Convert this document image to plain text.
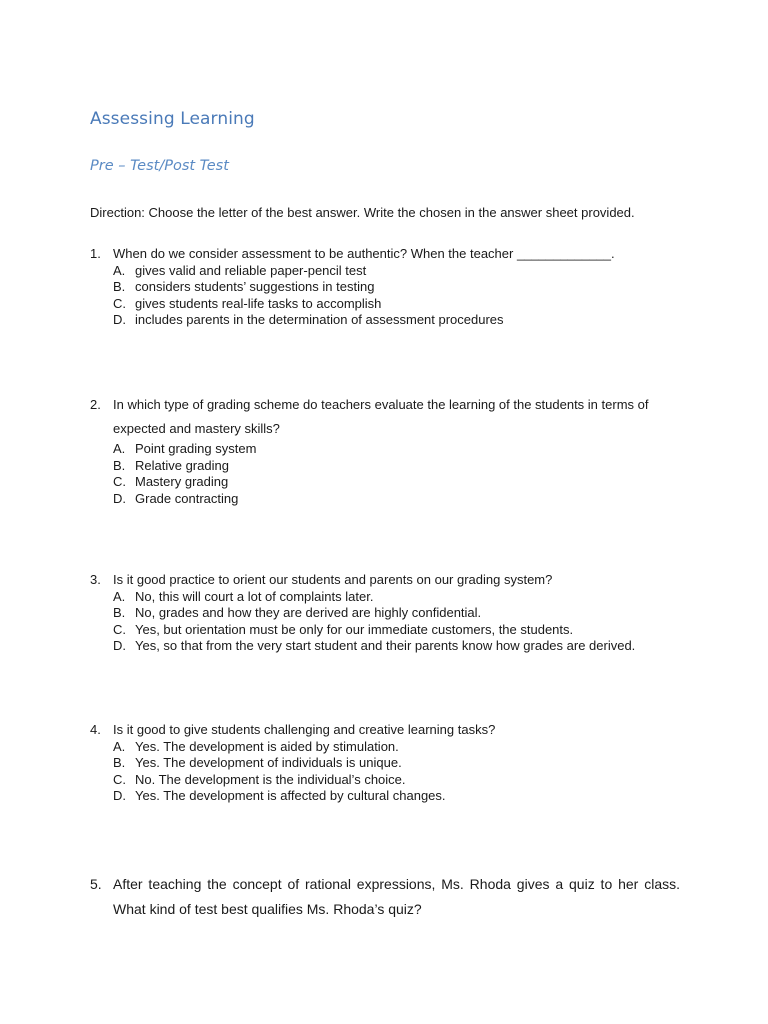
Assessing Learning
Pre – Test/Post Test
Direction: Choose the letter of the best answer. Write the chosen in the answer sheet provided.
1. When do we consider assessment to be authentic? When the teacher _____________.
A. gives valid and reliable paper-pencil test
B. considers students’ suggestions in testing
C. gives students real-life tasks to accomplish
D. includes parents in the determination of assessment procedures
2. In which type of grading scheme do teachers evaluate the learning of the students in terms of expected and mastery skills?
A. Point grading system
B. Relative grading
C. Mastery grading
D. Grade contracting
3. Is it good practice to orient our students and parents on our grading system?
A. No, this will court a lot of complaints later.
B. No, grades and how they are derived are highly confidential.
C. Yes, but orientation must be only for our immediate customers, the students.
D. Yes, so that from the very start student and their parents know how grades are derived.
4. Is it good to give students challenging and creative learning tasks?
A. Yes. The development is aided by stimulation.
B. Yes. The development of individuals is unique.
C. No. The development is the individual’s choice.
D. Yes. The development is affected by cultural changes.
5. After teaching the concept of rational expressions, Ms. Rhoda gives a quiz to her class. What kind of test best qualifies Ms. Rhoda’s quiz?
